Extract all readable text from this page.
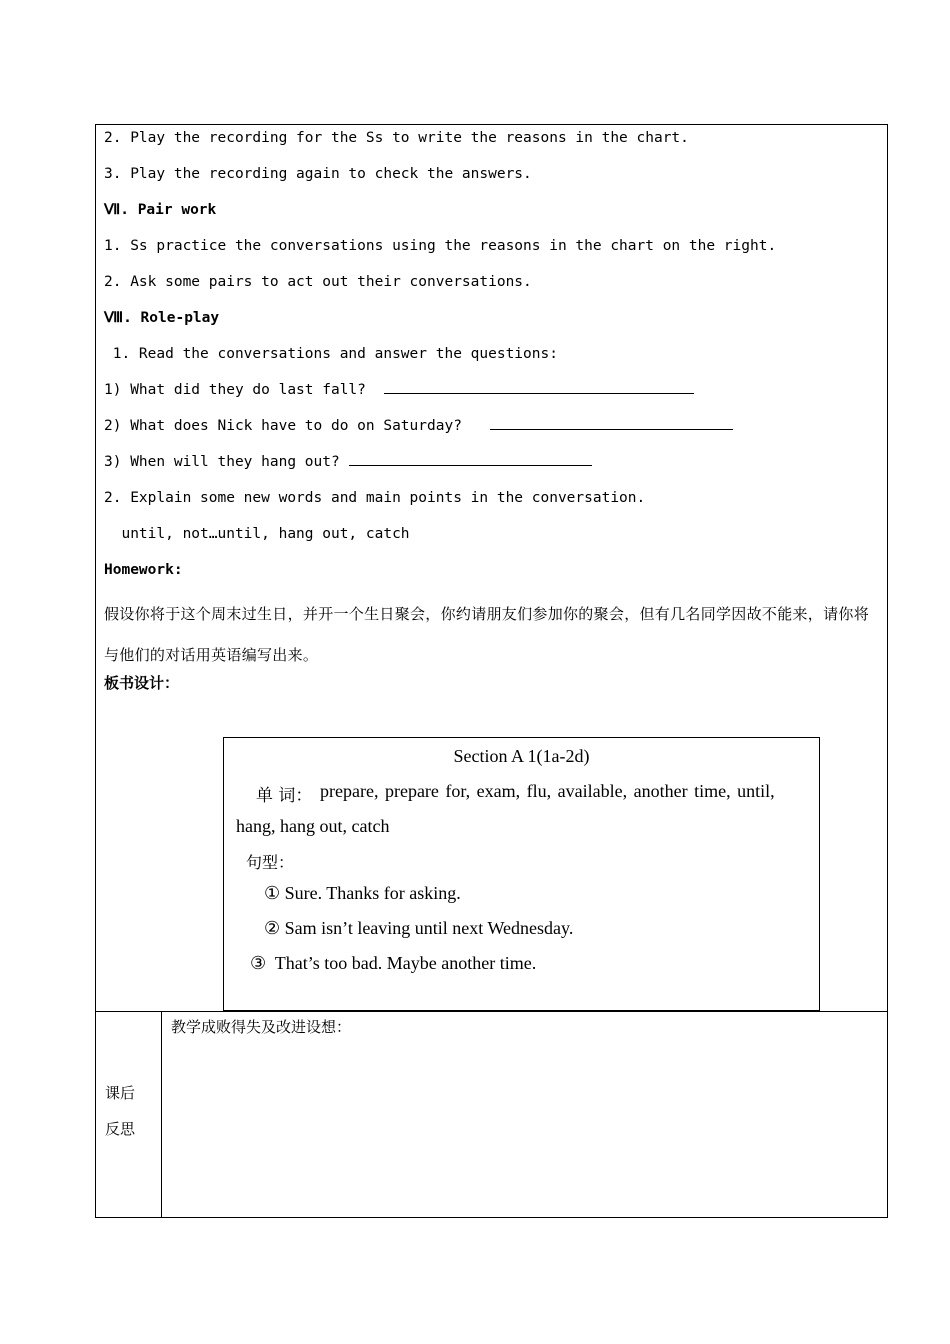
2. Play the recording for the Ss to write the reasons in the chart.
3. Play the recording again to check the answers.
Ⅶ. Pair work
1. Ss practice the conversations using the reasons in the chart on the right.
2. Ask some pairs to act out their conversations.
Ⅷ. Role-play
1. Read the conversations and answer the questions:
1) What did they do last fall?
2) What does Nick have to do on Saturday?
3) When will they hang out?
2. Explain some new words and main points in the conversation.
until, not…until, hang out, catch
Homework:
假设你将于这个周末过生日，并开一个生日聚会，你约请朋友们参加你的聚会，但有几名同学因故不能来，请你将与他们的对话用英语编写出来。
板书设计：
Section A 1(1a-2d)
单 词： prepare, prepare for, exam, flu, available, another time, until,
hang, hang out, catch
句型：
① Sure. Thanks for asking.
② Sam isn’t leaving until next Wednesday.
③  That’s too bad. Maybe another time.
教学成败得失及改进设想：
课后
反思
